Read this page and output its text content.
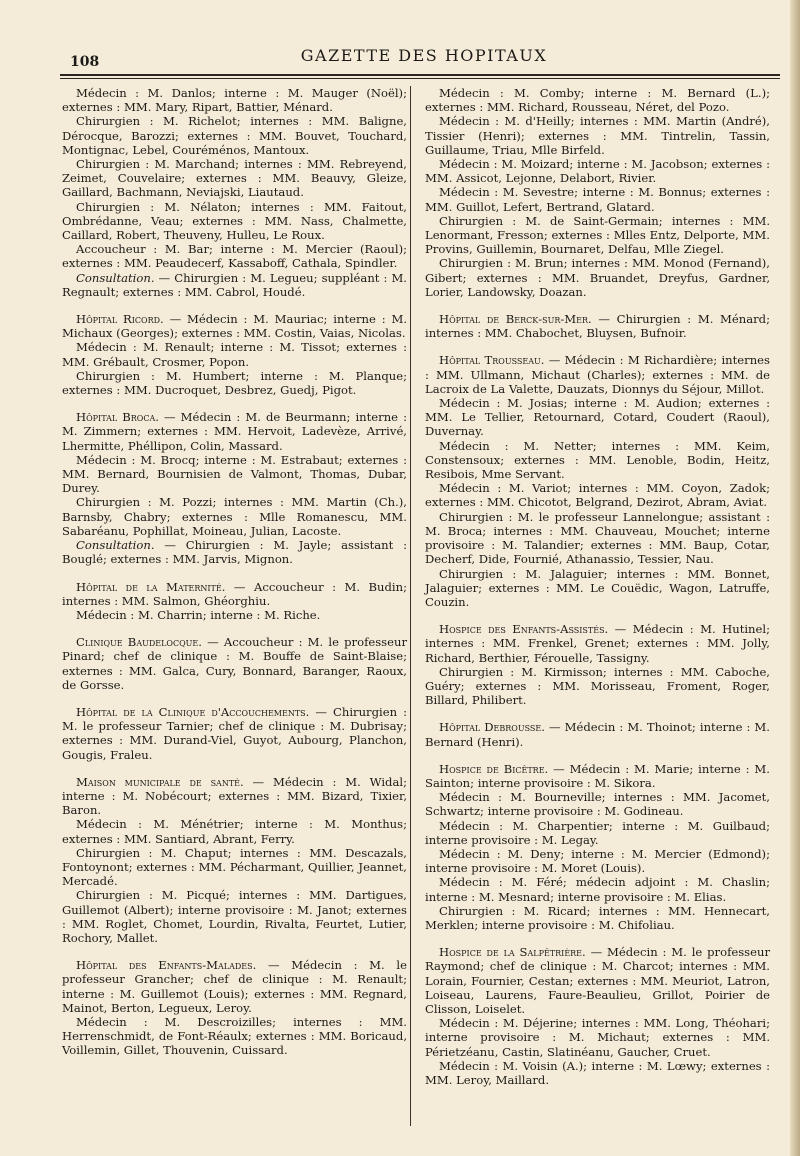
108	GAZETTE DES HOPITAUX

Médecin : M. Danlos; interne : M. Mauger (Noël); externes : MM. Mary, Ripart, Battier, Ménard.

Chirurgien : M. Richelot; internes : MM. Baligne, Dérocque, Barozzi; externes : MM. Bouvet, Touchard, Montignac, Lebel, Couréménos, Mantoux.

Chirurgien : M. Marchand; internes : MM. Rebreyend, Zeimet, Couvelaire; externes : MM. Beauvy, Gleize, Gaillard, Bachmann, Neviajski, Liautaud.

Chirurgien : M. Nélaton; internes : MM. Faitout, Ombrédanne, Veau; externes : MM. Nass, Chalmette, Caillard, Robert, Theuveny, Hulleu, Le Roux.

Accoucheur : M. Bar; interne : M. Mercier (Raoul); externes : MM. Peaudecerf, Kassaboff, Cathala, Spindler.

Consultation. — Chirurgien : M. Legueu; suppléant : M. Regnault; externes : MM. Cabrol, Houdé.

Hôpital Ricord. — Médecin : M. Mauriac; interne : M. Michaux (Georges); externes : MM. Costin, Vaias, Nicolas.

Médecin : M. Renault; interne : M. Tissot; externes : MM. Grébault, Crosmer, Popon.

Chirurgien : M. Humbert; interne : M. Planque; externes : MM. Ducroquet, Desbrez, Guedj, Pigot.

Hôpital Broca. — Médecin : M. de Beurmann; interne : M. Zimmern; externes : MM. Hervoit, Ladevèze, Arrivé, Lhermitte, Phéllipon, Colin, Massard.

Médecin : M. Brocq; interne : M. Estrabaut; externes : MM. Bernard, Bournisien de Valmont, Thomas, Dubar, Durey.

Chirurgien : M. Pozzi; internes : MM. Martin (Ch.), Barnsby, Chabry; externes : Mlle Romanescu, MM. Sabaréanu, Pophillat, Moineau, Julian, Lacoste.

Consultation. — Chirurgien : M. Jayle; assistant : Bouglé; externes : MM. Jarvis, Mignon.

Hôpital de la Maternité. — Accoucheur : M. Budin; internes : MM. Salmon, Ghéorghiu.

Médecin : M. Charrin; interne : M. Riche.

Clinique Baudelocque. — Accoucheur : M. le professeur Pinard; chef de clinique : M. Bouffe de Saint-Blaise; externes : MM. Galca, Cury, Bonnard, Baranger, Raoux, de Gorsse.

Hôpital de la Clinique d'Accouchements. — Chirurgien : M. le professeur Tarnier; chef de clinique : M. Dubrisay; externes : MM. Durand-Viel, Guyot, Aubourg, Planchon, Gougis, Fraleu.

Maison municipale de santé. — Médecin : M. Widal; interne : M. Nobécourt; externes : MM. Bizard, Tixier, Baron.

Médecin : M. Ménétrier; interne : M. Monthus; externes : MM. Santiard, Abrant, Ferry.

Chirurgien : M. Chaput; internes : MM. Descazals, Fontoynont; externes : MM. Pécharmant, Quillier, Jeannet, Mercadé.

Chirurgien : M. Picqué; internes : MM. Dartigues, Guillemot (Albert); interne provisoire : M. Janot; externes : MM. Roglet, Chomet, Lourdin, Rivalta, Feurtet, Lutier, Rochory, Mallet.

Hôpital des Enfants-Malades. — Médecin : M. le professeur Grancher; chef de clinique : M. Renault; interne : M. Guillemot (Louis); externes : MM. Regnard, Mainot, Berton, Legueux, Leroy.

Médecin : M. Descroizilles; internes : MM. Herrenschmidt, de Font-Réaulx; externes : MM. Boricaud, Voillemin, Gillet, Thouvenin, Cuissard.

Médecin : M. Comby; interne : M. Bernard (L.); externes : MM. Richard, Rousseau, Néret, del Pozo.

Médecin : M. d'Heilly; internes : MM. Martin (André), Tissier (Henri); externes : MM. Tintrelin, Tassin, Guillaume, Triau, Mlle Birfeld.

Médecin : M. Moizard; interne : M. Jacobson; externes : MM. Assicot, Lejonne, Delabort, Rivier.

Médecin : M. Sevestre; interne : M. Bonnus; externes : MM. Guillot, Lefert, Bertrand, Glatard.

Chirurgien : M. de Saint-Germain; internes : MM. Lenormant, Fresson; externes : Mlles Entz, Delporte, MM. Provins, Guillemin, Bournaret, Delfau, Mlle Ziegel.

Chirurgien : M. Brun; internes : MM. Monod (Fernand), Gibert; externes : MM. Bruandet, Dreyfus, Gardner, Lorier, Landowsky, Doazan.

Hôpital de Berck-sur-Mer. — Chirurgien : M. Ménard; internes : MM. Chabochet, Bluysen, Bufnoir.

Hôpital Trousseau. — Médecin : M Richardière; internes : MM. Ullmann, Michaut (Charles); externes : MM. de Lacroix de La Valette, Dauzats, Dionnys du Séjour, Millot.

Médecin : M. Josias; interne : M. Audion; externes : MM. Le Tellier, Retournard, Cotard, Coudert (Raoul), Duvernay.

Médecin : M. Netter; internes : MM. Keim, Constensoux; externes : MM. Lenoble, Bodin, Heitz, Resibois, Mme Servant.

Médecin : M. Variot; internes : MM. Coyon, Zadok; externes : MM. Chicotot, Belgrand, Dezirot, Abram, Aviat.

Chirurgien : M. le professeur Lannelongue; assistant : M. Broca; internes : MM. Chauveau, Mouchet; interne provisoire : M. Talandier; externes : MM. Baup, Cotar, Decherf, Dide, Fournié, Athanassio, Tessier, Nau.

Chirurgien : M. Jalaguier; internes : MM. Bonnet, Jalaguier; externes : MM. Le Couëdic, Wagon, Latruffe, Couzin.

Hospice des Enfants-Assistés. — Médecin : M. Hutinel; internes : MM. Frenkel, Grenet; externes : MM. Jolly, Richard, Berthier, Férouelle, Tassigny.

Chirurgien : M. Kirmisson; internes : MM. Caboche, Guéry; externes : MM. Morisseau, Froment, Roger, Billard, Philibert.

Hôpital Debrousse. — Médecin : M. Thoinot; interne : M. Bernard (Henri).

Hospice de Bicêtre. — Médecin : M. Marie; interne : M. Sainton; interne provisoire : M. Sikora.

Médecin : M. Bourneville; internes : MM. Jacomet, Schwartz; interne provisoire : M. Godineau.

Médecin : M. Charpentier; interne : M. Guilbaud; interne provisoire : M. Legay.

Médecin : M. Deny; interne : M. Mercier (Edmond); interne provisoire : M. Moret (Louis).

Médecin : M. Féré; médecin adjoint : M. Chaslin; interne : M. Mesnard; interne provisoire : M. Elias.

Chirurgien : M. Ricard; internes : MM. Hennecart, Merklen; interne provisoire : M. Chifoliau.

Hospice de la Salpêtrière. — Médecin : M. le professeur Raymond; chef de clinique : M. Charcot; internes : MM. Lorain, Fournier, Cestan; externes : MM. Meuriot, Latron, Loiseau, Laurens, Faure-Beaulieu, Grillot, Poirier de Clisson, Loiselet.

Médecin : M. Déjerine; internes : MM. Long, Théohari; interne provisoire : M. Michaut; externes : MM. Périetzéanu, Castin, Slatinéanu, Gaucher, Cruet.

Médecin : M. Voisin (A.); interne : M. Lœwy; externes : MM. Leroy, Maillard.
